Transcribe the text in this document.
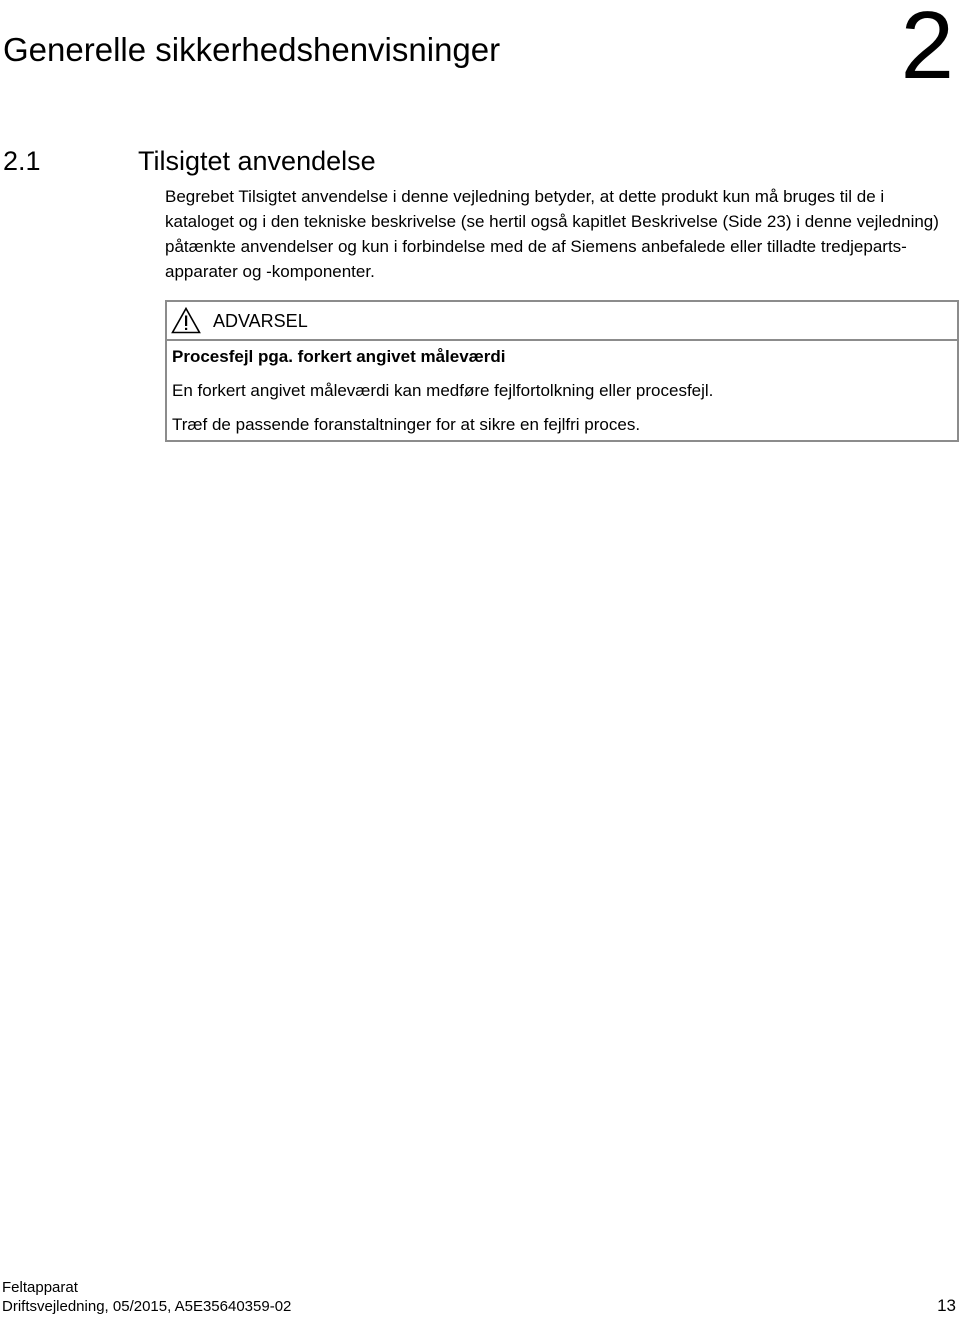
Generelle sikkerhedshenvisninger	2
2.1	Tilsigtet anvendelse

Begrebet Tilsigtet anvendelse i denne vejledning betyder, at dette produkt kun må bruges til de i kataloget og i den tekniske beskrivelse (se hertil også kapitlet Beskrivelse (Side 23) i denne vejledning) påtænkte anvendelser og kun i forbindelse med de af Siemens anbefalede eller tilladte tredjeparts-apparater og -komponenter.

ADVARSEL
Procesfejl pga. forkert angivet måleværdi
En forkert angivet måleværdi kan medføre fejlfortolkning eller procesfejl.
Træf de passende foranstaltninger for at sikre en fejlfri proces.
Feltapparat
Driftsvejledning, 05/2015, A5E35640359-02	13
